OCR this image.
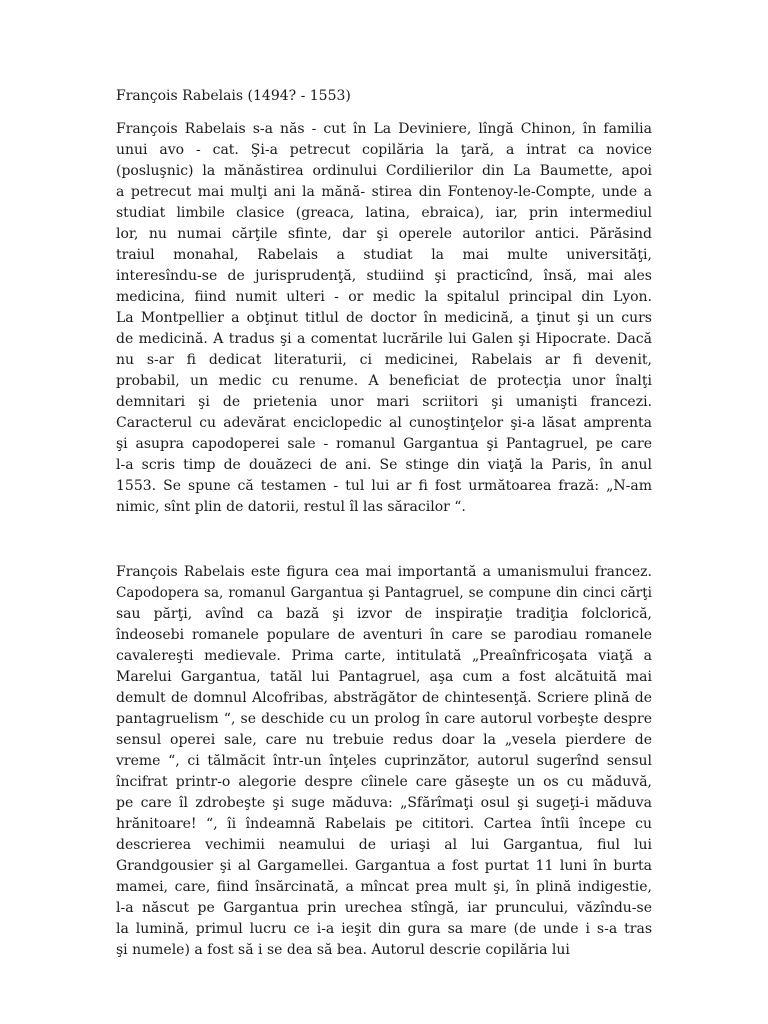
François Rabelais (1494? - 1553)
François Rabelais s-a năs - cut în La Deviniere, lîngă Chinon, în familia
unui avo - cat. Şi-a petrecut copilăria la ţară, a intrat ca novice
(posluşnic) la mănăstirea ordinului Cordilierilor din La Baumette, apoi
a petrecut mai mulţi ani la mănă- stirea din Fontenoy-le-Compte, unde a
studiat limbile clasice (greaca, latina, ebraica), iar, prin intermediul
lor, nu numai cărţile sfinte, dar şi operele autorilor antici. Părăsind
traiul monahal, Rabelais a studiat la mai multe universităţi,
interesîndu-se de jurisprudenţă, studiind şi practicînd, însă, mai ales
medicina, fiind numit ulteri - or medic la spitalul principal din Lyon.
La Montpellier a obţinut titlul de doctor în medicină, a ţinut şi un curs
de medicină. A tradus şi a comentat lucrările lui Galen şi Hipocrate. Dacă
nu s-ar fi dedicat literaturii, ci medicinei, Rabelais ar fi devenit,
probabil, un medic cu renume. A beneficiat de protecţia unor înalţi
demnitari şi de prietenia unor mari scriitori şi umanişti francezi.
Caracterul cu adevărat enciclopedic al cunoştinţelor şi-a lăsat amprenta
şi asupra capodoperei sale - romanul Gargantua şi Pantagruel, pe care
l-a scris timp de douăzeci de ani. Se stinge din viaţă la Paris, în anul
1553. Se spune că testamen - tul lui ar fi fost următoarea frază: „N-am
nimic, sînt plin de datorii, restul îl las săracilor “.
François Rabelais este figura cea mai importantă a umanismului francez.
Capodopera sa, romanul Gargantua şi Pantagruel, se compune din cinci cărţi
sau părţi, avînd ca bază şi izvor de inspiraţie tradiţia folclorică,
îndeosebi romanele populare de aventuri în care se parodiau romanele
cavalereşti medievale. Prima carte, intitulată „Preaînfricoşata viaţă a
Marelui Gargantua, tatăl lui Pantagruel, aşa cum a fost alcătuită mai
demult de domnul Alcofribas, abstrăgător de chintesenţă. Scriere plină de
pantagruelism “, se deschide cu un prolog în care autorul vorbeşte despre
sensul operei sale, care nu trebuie redus doar la „vesela pierdere de
vreme “, ci tălmăcit într-un înţeles cuprinzător, autorul sugerînd sensul
încifrat printr-o alegorie despre cîinele care găseşte un os cu măduvă,
pe care îl zdrobeşte şi suge măduva: „Sfărîmaţi osul şi sugeţi-i măduva
hrănitoare! “, îi îndeamnă Rabelais pe cititori. Cartea întîi începe cu
descrierea vechimii neamului de uriaşi al lui Gargantua, fiul lui
Grandgousier şi al Gargamellei. Gargantua a fost purtat 11 luni în burta
mamei, care, fiind însărcinată, a mîncat prea mult şi, în plină indigestie,
l-a născut pe Gargantua prin urechea stîngă, iar pruncului, văzîndu-se
la lumină, primul lucru ce i-a ieşit din gura sa mare (de unde i s-a tras
şi numele) a fost să i se dea să bea. Autorul descrie copilăria lui
